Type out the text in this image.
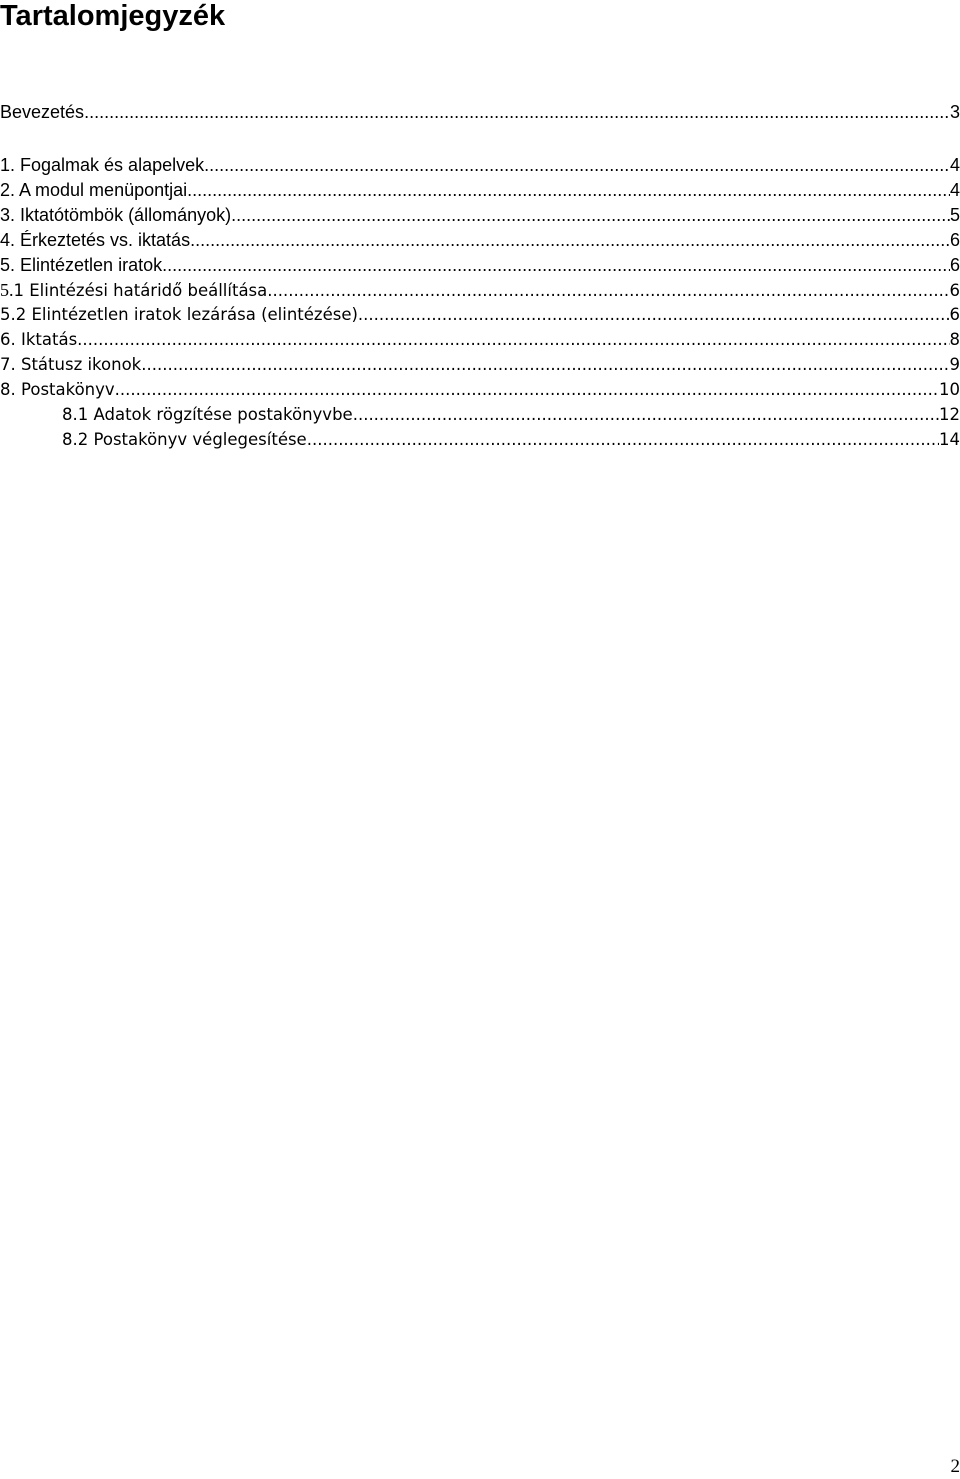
Tartalomjegyzék
Bevezetés .....	3
1. Fogalmak és alapelvek .....	4
2. A modul menüpontjai .....	4
3. Iktatótömbök (állományok) .....	5
4. Érkeztetés vs. iktatás .....	6
5. Elintézetlen iratok .....	6
5.1 Elintézési határidő beállítása .....	6
5.2 Elintézetlen iratok lezárása (elintézése) .....	6
6. Iktatás .....	8
7. Státusz ikonok .....	9
8. Postakönyv .....	10
8.1 Adatok rögzítése postakönyvbe .....	12
8.2 Postakönyv véglegesítése .....	14
2
